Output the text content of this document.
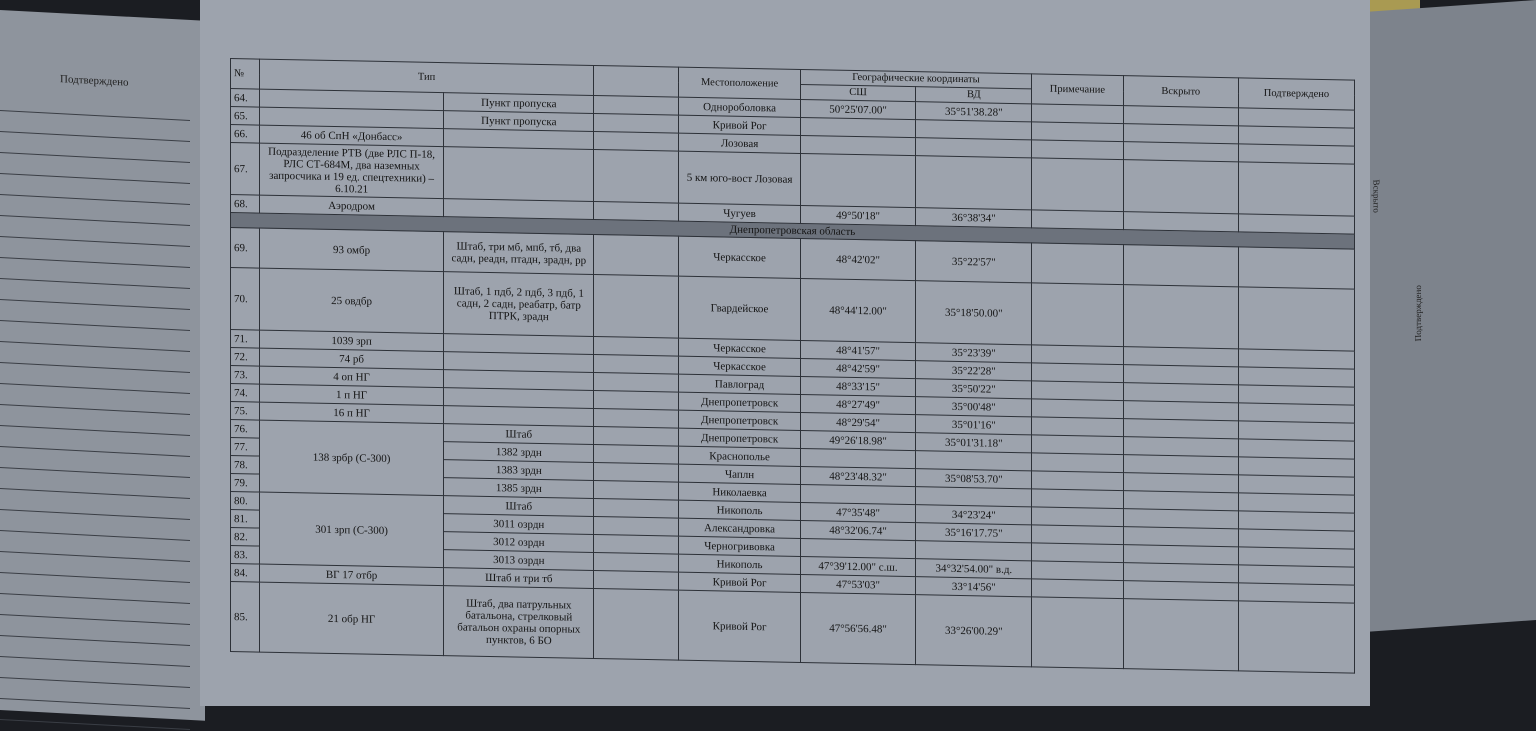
Подтверждено
Вскрыто
Подтверждено
№	Тип			Местоположение	Географические координаты		Примечание	Вскрыто	Подтверждено
					СШ	ВД			
64.		Пункт пропуска		Однороболовка	50°25'07.00"	35°51'38.28"			
65.		Пункт пропуска		Кривой Рог					
66.	46 об СпН «Донбасс»			Лозовая					
67.	Подразделение РТВ (две РЛС П-18, РЛС СТ-684М, два наземных запросчика и 19 ед. спецтехники) – 6.10.21			5 км юго-вост Лозовая					
68.	Аэродром			Чугуев	49°50'18"	36°38'34"			
Днепропетровская область									
69.	93 омбр	Штаб, три мб, мпб, тб, два садн, реадн, птадн, зрадн, рр		Черкасское	48°42'02"	35°22'57"			
70.	25 овдбр	Штаб, 1 пдб, 2 пдб, 3 пдб, 1 садн, 2 садн, реабатр, батр ПТРК, зрадн		Гвардейское	48°44'12.00"	35°18'50.00"			
71.	1039 зрп			Черкасское	48°41'57"	35°23'39"			
72.	74 рб			Черкасское	48°42'59"	35°22'28"			
73.	4 оп НГ			Павлоград	48°33'15"	35°50'22"			
74.	1 п НГ			Днепропетровск	48°27'49"	35°00'48"			
75.	16 п НГ			Днепропетровск	48°29'54"	35°01'16"			
76.	138 зрбр (С-300)	Штаб		Днепропетровск	49°26'18.98"	35°01'31.18"			
77.		1382 зрдн		Краснополье					
78.		1383 зрдн		Чаплн	48°23'48.32"	35°08'53.70"			
79.		1385 зрдн		Николаевка					
80.	301 зрп (С-300)	Штаб		Никополь	47°35'48"	34°23'24"			
81.		3011 озрдн		Александровка	48°32'06.74"	35°16'17.75"			
82.		3012 озрдн		Черногривовка					
83.		3013 озрдн		Никополь	47°39'12.00" с.ш.	34°32'54.00" в.д.			
84.	ВГ 17 отбр	Штаб и три тб		Кривой Рог	47°53'03"	33°14'56"			
85.	21 обр НГ	Штаб, два патрульных батальона, стрелковый батальон охраны опорных пунктов, 6 БО		Кривой Рог	47°56'56.48"	33°26'00.29"			
